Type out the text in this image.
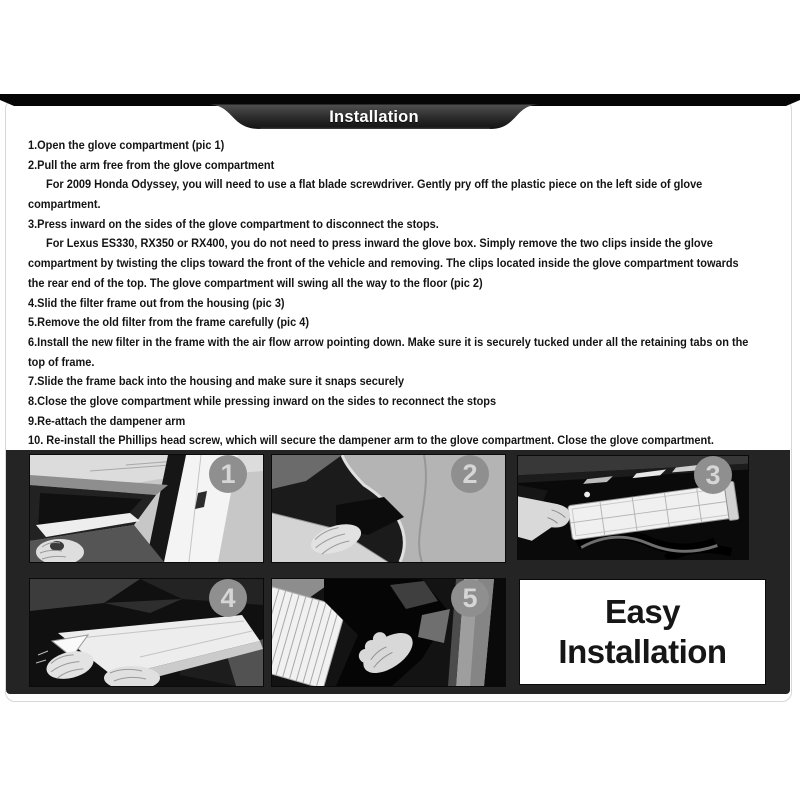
1.Open the glove compartment (pic 1)
2.Pull the arm free from the glove compartment
For 2009 Honda Odyssey, you will need to use a flat blade screwdriver. Gently pry off the plastic piece on the left side of glove
compartment.
3.Press inward on the sides of the glove compartment to disconnect the stops.
For Lexus ES330, RX350 or RX400, you do not need to press inward the glove box. Simply remove the two clips inside the glove
compartment by twisting the clips toward the front of the vehicle and removing. The clips located inside the glove compartment towards
the rear end of the top. The glove compartment will swing all the way to the floor (pic 2)
4.Slid the filter frame out from the housing (pic 3)
5.Remove the old filter from the frame carefully (pic 4)
6.Install the new filter in the frame with the air flow arrow pointing down. Make sure it is securely tucked under all the retaining tabs on the
top of frame.
7.Slide the frame back into the housing and make sure it snaps securely
8.Close the glove compartment while pressing inward on the sides to reconnect the stops
9.Re-attach the dampener arm
10. Re-install the Phillips head screw, which will secure the dampener arm to the glove compartment. Close the glove compartment.
1	2	3
4	5	Easy
Installation
Installation
